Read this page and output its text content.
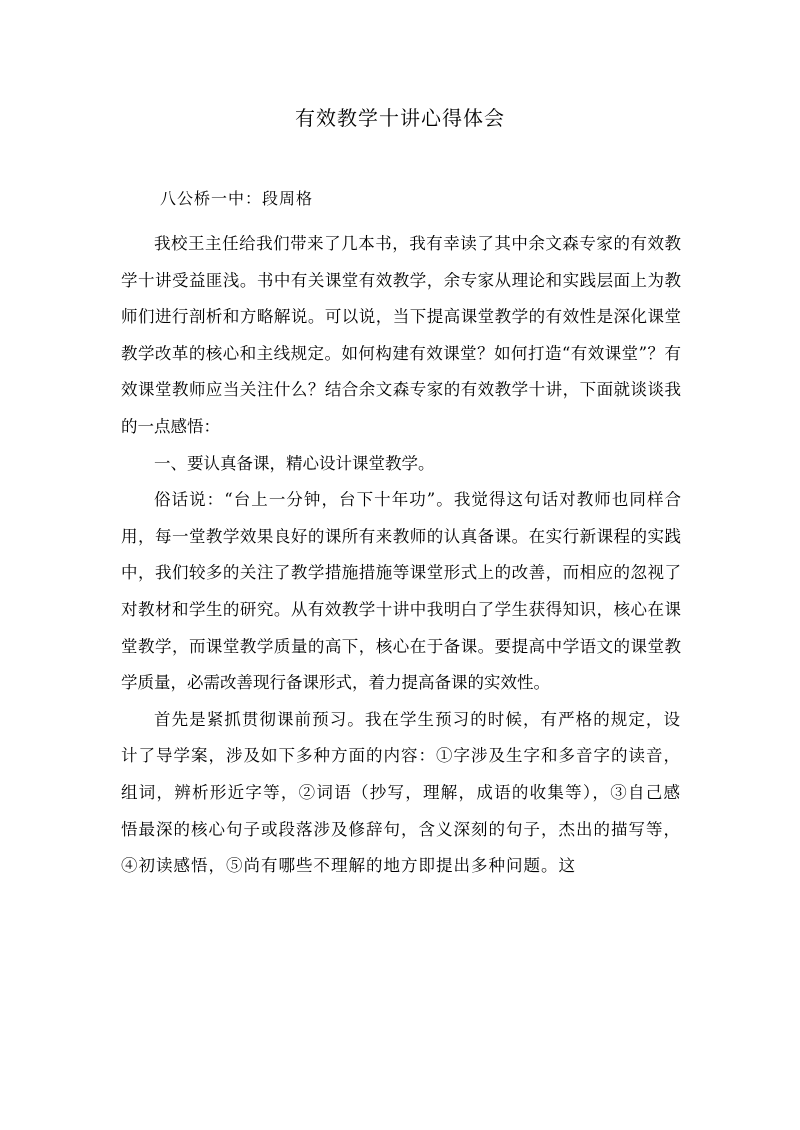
有效教学十讲心得体会
八公桥一中：段周格

我校王主任给我们带来了几本书，我有幸读了其中余文森专家的有效教学十讲受益匪浅。书中有关课堂有效教学，余专家从理论和实践层面上为教师们进行剖析和方略解说。可以说，当下提高课堂教学的有效性是深化课堂教学改革的核心和主线规定。如何构建有效课堂？如何打造“有效课堂”？有效课堂教师应当关注什么？结合余文森专家的有效教学十讲，下面就谈谈我的一点感悟：

一、要认真备课，精心设计课堂教学。

俗话说：“台上一分钟，台下十年功”。我觉得这句话对教师也同样合用，每一堂教学效果良好的课所有来教师的认真备课。在实行新课程的实践中，我们较多的关注了教学措施措施等课堂形式上的改善，而相应的忽视了对教材和学生的研究。从有效教学十讲中我明白了学生获得知识，核心在课堂教学，而课堂教学质量的高下，核心在于备课。要提高中学语文的课堂教学质量，必需改善现行备课形式，着力提高备课的实效性。

首先是紧抓贯彻课前预习。我在学生预习的时候，有严格的规定，设计了导学案，涉及如下多种方面的内容：①字涉及生字和多音字的读音，组词，辨析形近字等，②词语（抄写，理解，成语的收集等），③自己感悟最深的核心句子或段落涉及修辞句，含义深刻的句子，杰出的描写等，④初读感悟，⑤尚有哪些不理解的地方即提出多种问题。这
